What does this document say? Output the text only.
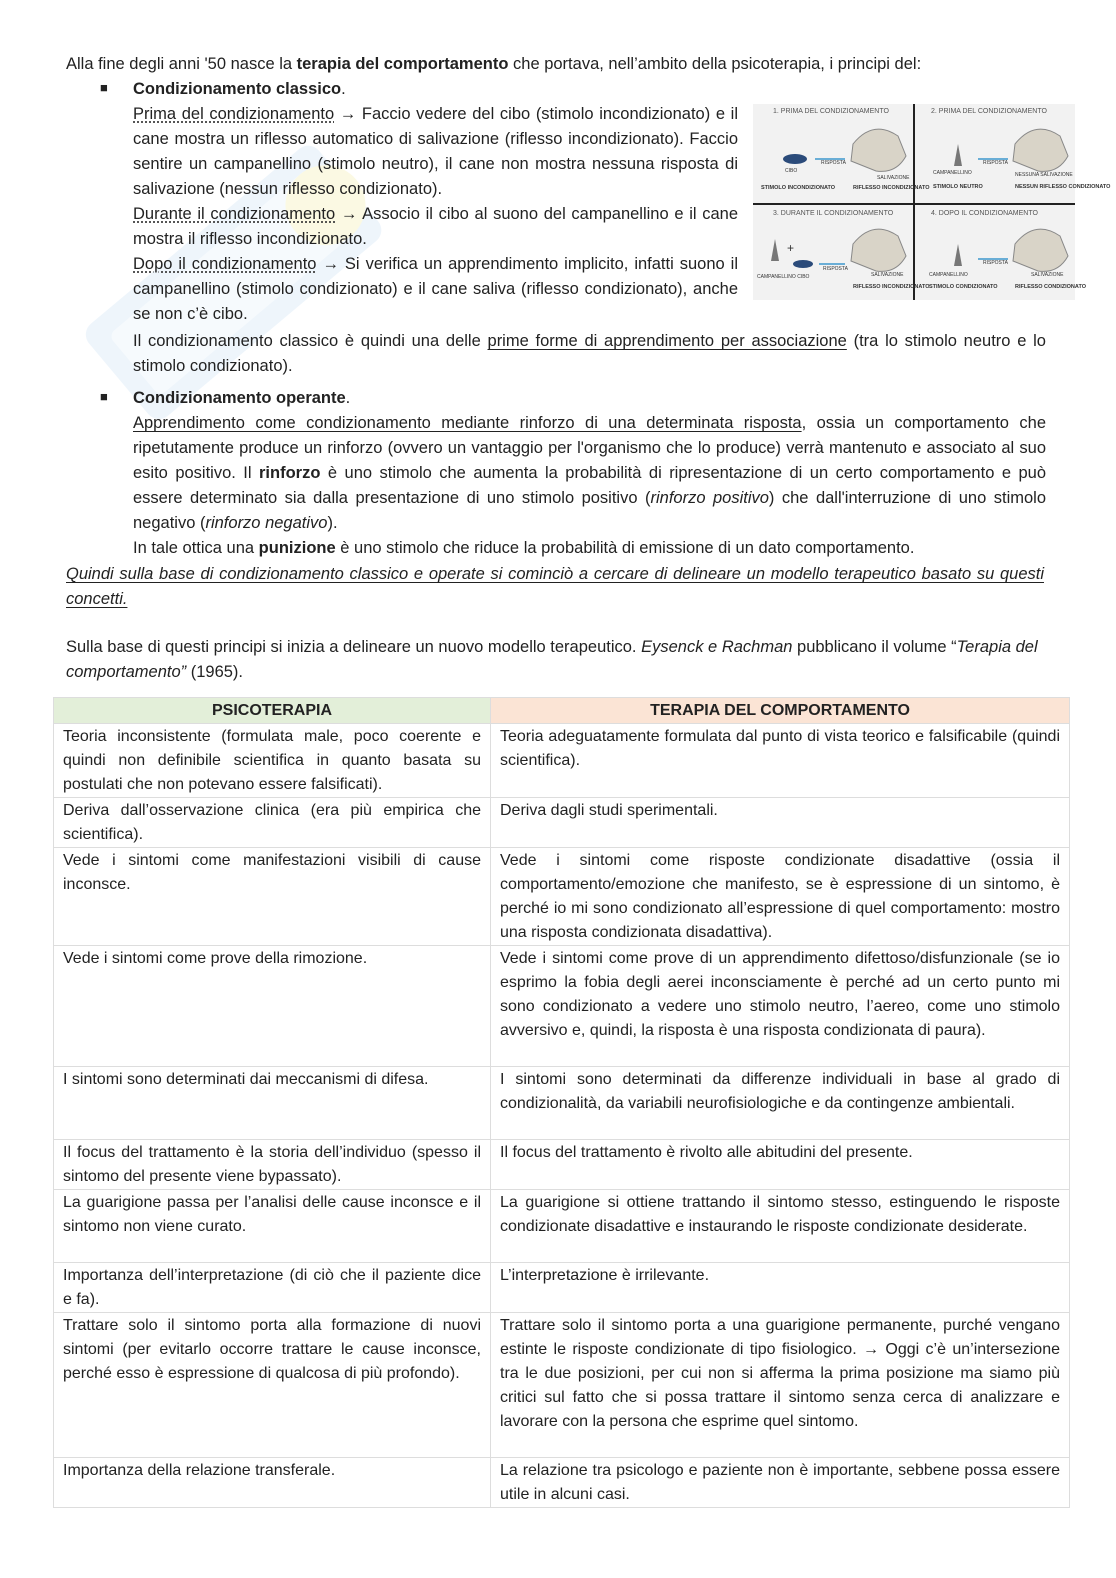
Alla fine degli anni '50 nasce la terapia del comportamento che portava, nell’ambito della psicoterapia, i principi del:

■ Condizionamento classico.
Prima del condizionamento → Faccio vedere del cibo (stimolo incondizionato) e il cane mostra un riflesso automatico di salivazione (riflesso incondizionato). Faccio sentire un campanellino (stimolo neutro), il cane non mostra nessuna risposta di salivazione (nessun riflesso condizionato).
Durante il condizionamento → Associo il cibo al suono del campanellino e il cane mostra il riflesso incondizionato.
Dopo il condizionamento → Si verifica un apprendimento implicito, infatti suono il campanellino (stimolo condizionato) e il cane saliva (riflesso condizionato), anche se non c’è cibo.
Il condizionamento classico è quindi una delle prime forme di apprendimento per associazione (tra lo stimolo neutro e lo stimolo condizionato).
1. PRIMA DEL CONDIZIONAMENTO	2. PRIMA DEL CONDIZIONAMENTO
3. DURANTE IL CONDIZIONAMENTO	4. DOPO IL CONDIZIONAMENTO
CIBO
RISPOSTA
SALIVAZIONE
STIMOLO INCONDIZIONATO	RIFLESSO INCONDIZIONATO
RISPOSTA
CAMPANELLINO	NESSUNA SALIVAZIONE
STIMOLO NEUTRO	NESSUN RIFLESSO CONDIZIONATO
+
RISPOSTA
CAMPANELLINO CIBO	SALIVAZIONE
RIFLESSO INCONDIZIONATO
RISPOSTA
CAMPANELLINO	SALIVAZIONE
STIMOLO CONDIZIONATO	RIFLESSO CONDIZIONATO
■ Condizionamento operante.
Apprendimento come condizionamento mediante rinforzo di una determinata risposta, ossia un comportamento che ripetutamente produce un rinforzo (ovvero un vantaggio per l'organismo che lo produce) verrà mantenuto e associato al suo esito positivo. Il rinforzo è uno stimolo che aumenta la probabilità di ripresentazione di un certo comportamento e può essere determinato sia dalla presentazione di uno stimolo positivo (rinforzo positivo) che dall'interruzione di uno stimolo negativo (rinforzo negativo).
In tale ottica una punizione è uno stimolo che riduce la probabilità di emissione di un dato comportamento.

Quindi sulla base di condizionamento classico e operate si cominciò a cercare di delineare un modello terapeutico basato su questi concetti.

Sulla base di questi principi si inizia a delineare un nuovo modello terapeutico. Eysenck e Rachman pubblicano il volume “Terapia del comportamento” (1965).

PSICOTERAPIA	TERAPIA DEL COMPORTAMENTO
Teoria inconsistente (formulata male, poco coerente e quindi non definibile scientifica in quanto basata su postulati che non potevano essere falsificati).	Teoria adeguatamente formulata dal punto di vista teorico e falsificabile (quindi scientifica).
Deriva dall’osservazione clinica (era più empirica che scientifica).	Deriva dagli studi sperimentali.
Vede i sintomi come manifestazioni visibili di cause inconsce.	Vede i sintomi come risposte condizionate disadattive (ossia il comportamento/emozione che manifesto, se è espressione di un sintomo, è perché io mi sono condizionato all’espressione di quel comportamento: mostro una risposta condizionata disadattiva).
Vede i sintomi come prove della rimozione.	Vede i sintomi come prove di un apprendimento difettoso/disfunzionale (se io esprimo la fobia degli aerei inconsciamente è perché ad un certo punto mi sono condizionato a vedere uno stimolo neutro, l’aereo, come uno stimolo avversivo e, quindi, la risposta è una risposta condizionata di paura).
I sintomi sono determinati dai meccanismi di difesa.	I sintomi sono determinati da differenze individuali in base al grado di condizionalità, da variabili neurofisiologiche e da contingenze ambientali.
Il focus del trattamento è la storia dell’individuo (spesso il sintomo del presente viene bypassato).	Il focus del trattamento è rivolto alle abitudini del presente.
La guarigione passa per l’analisi delle cause inconsce e il sintomo non viene curato.	La guarigione si ottiene trattando il sintomo stesso, estinguendo le risposte condizionate disadattive e instaurando le risposte condizionate desiderate.
Importanza dell’interpretazione (di ciò che il paziente dice e fa).	L’interpretazione è irrilevante.
Trattare solo il sintomo porta alla formazione di nuovi sintomi (per evitarlo occorre trattare le cause inconsce, perché esso è espressione di qualcosa di più profondo).	Trattare solo il sintomo porta a una guarigione permanente, purché vengano estinte le risposte condizionate di tipo fisiologico. → Oggi c’è un’intersezione tra le due posizioni, per cui non si afferma la prima posizione ma siamo più critici sul fatto che si possa trattare il sintomo senza cerca di analizzare e lavorare con la persona che esprime quel sintomo.
Importanza della relazione transferale.	La relazione tra psicologo e paziente non è importante, sebbene possa essere utile in alcuni casi.
